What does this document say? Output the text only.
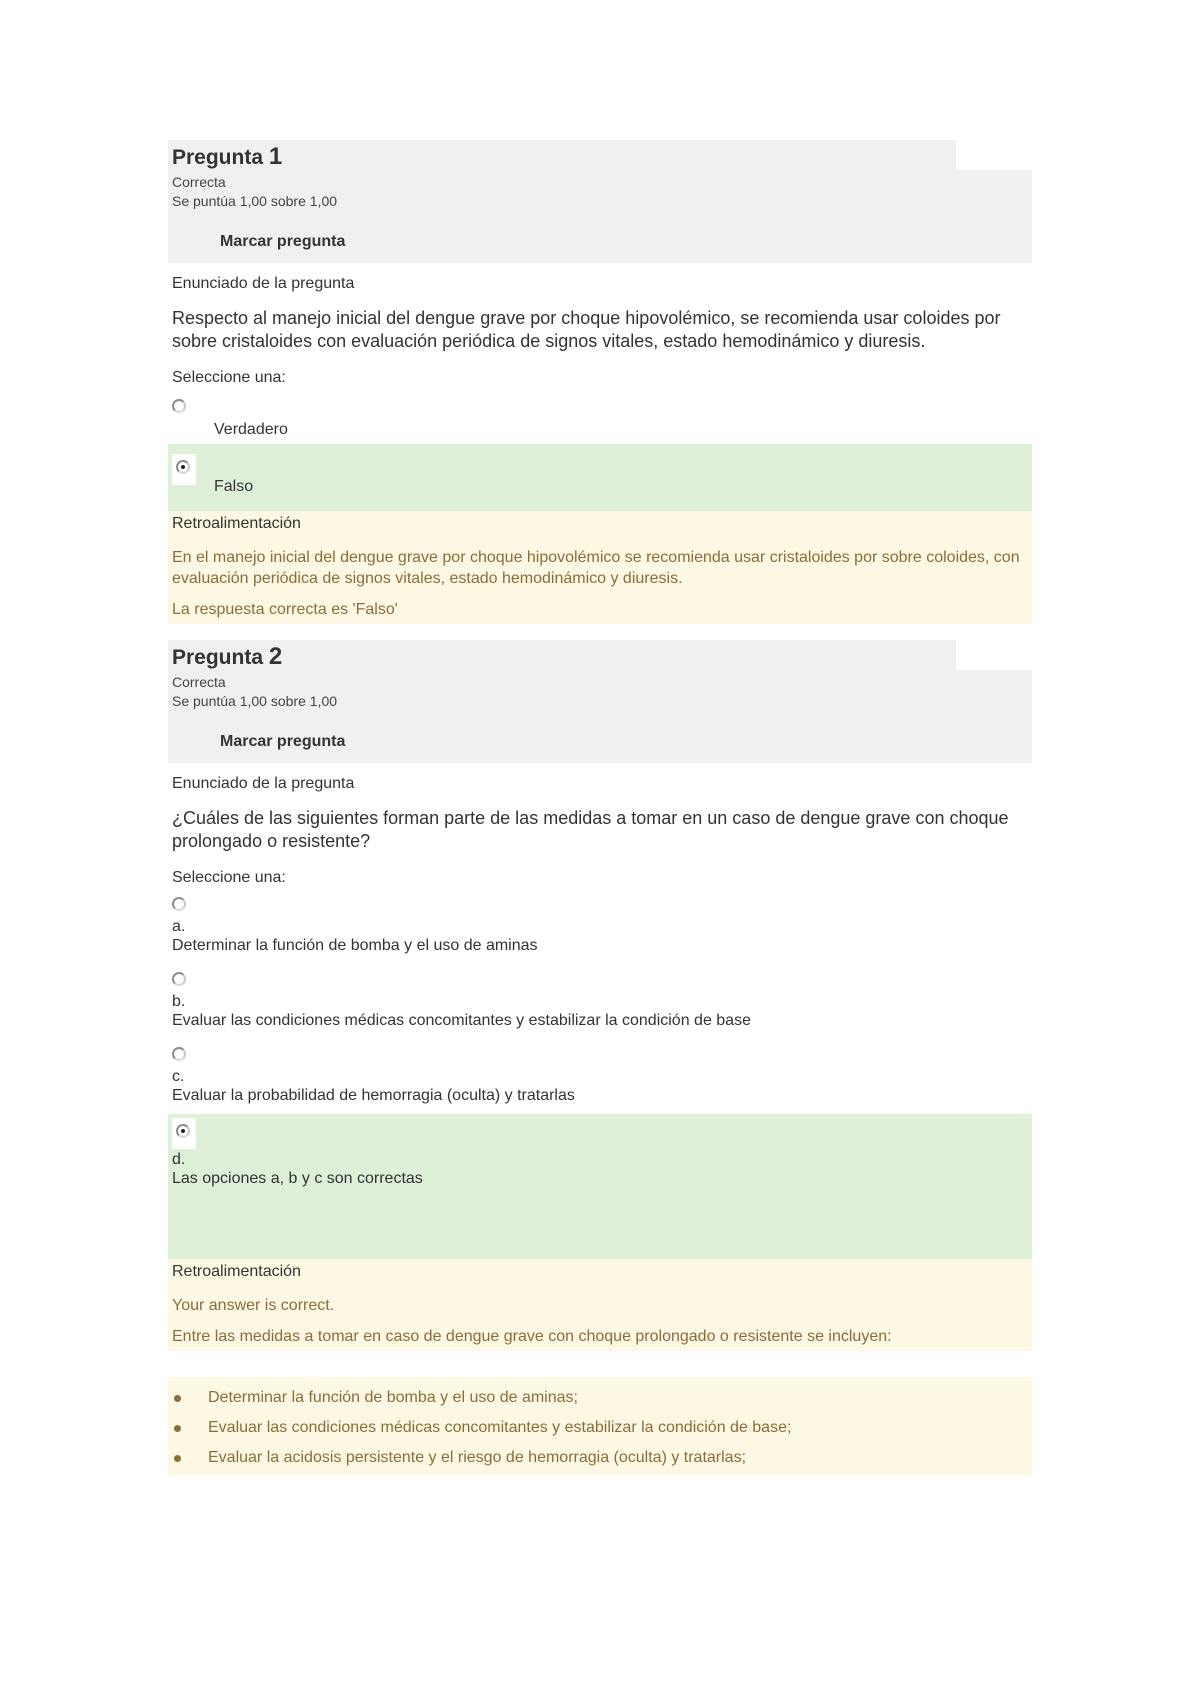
Pregunta 1
Correcta
Se puntúa 1,00 sobre 1,00
Marcar pregunta
Enunciado de la pregunta
Respecto al manejo inicial del dengue grave por choque hipovolémico, se recomienda usar coloides por sobre cristaloides con evaluación periódica de signos vitales, estado hemodinámico y diuresis.
Seleccione una:
Verdadero
Falso
Retroalimentación
En el manejo inicial del dengue grave por choque hipovolémico se recomienda usar cristaloides por sobre coloides, con evaluación periódica de signos vitales, estado hemodinámico y diuresis.
La respuesta correcta es 'Falso'
Pregunta 2
Correcta
Se puntúa 1,00 sobre 1,00
Marcar pregunta
Enunciado de la pregunta
¿Cuáles de las siguientes forman parte de las medidas a tomar en un caso de dengue grave con choque prolongado o resistente?
Seleccione una:
a.
Determinar la función de bomba y el uso de aminas
b.
Evaluar las condiciones médicas concomitantes y estabilizar la condición de base
c.
Evaluar la probabilidad de hemorragia (oculta) y tratarlas
d.
Las opciones a, b y c son correctas
Retroalimentación
Your answer is correct.
Entre las medidas a tomar en caso de dengue grave con choque prolongado o resistente se incluyen:
Determinar la función de bomba y el uso de aminas;
Evaluar las condiciones médicas concomitantes y estabilizar la condición de base;
Evaluar la acidosis persistente y el riesgo de hemorragia (oculta) y tratarlas;
